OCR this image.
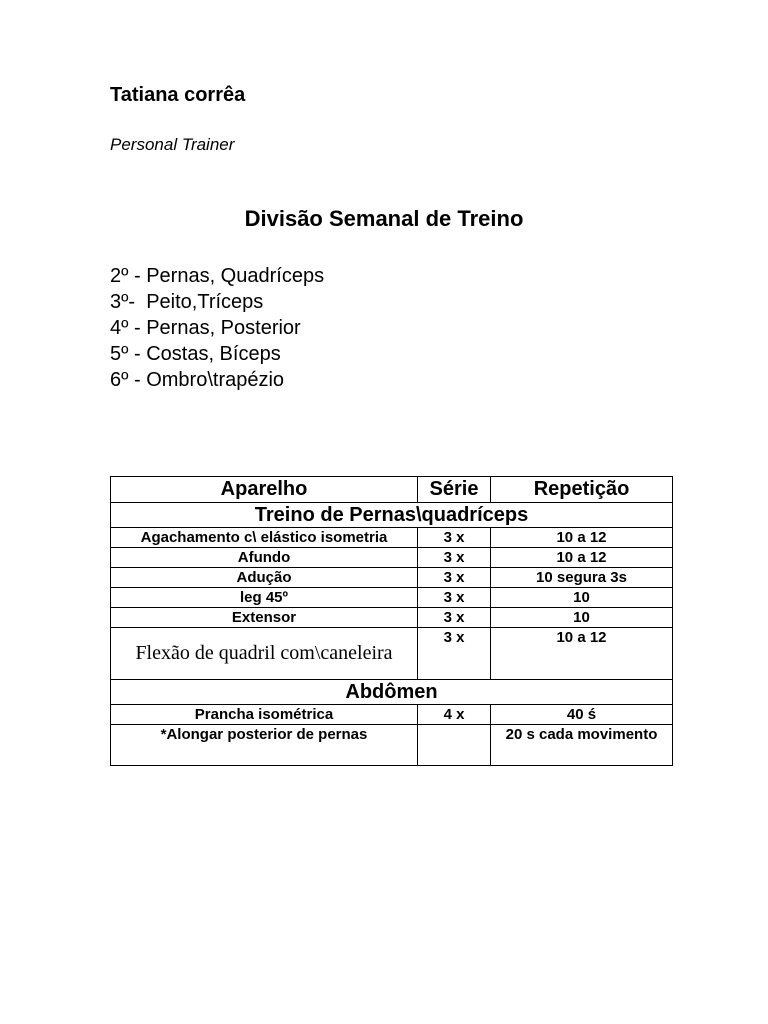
Tatiana corrêa
Personal Trainer
Divisão Semanal de Treino
2º - Pernas, Quadríceps
3º-  Peito,Tríceps
4º - Pernas, Posterior
5º - Costas, Bíceps
6º - Ombro\trapézio
Aparelho	Série	Repetição
Treino de Pernas\quadríceps		
Agachamento c\ elástico isometria	3 x	10 a 12
Afundo	3 x	10 a 12
Adução	3 x	10 segura 3s
leg 45º	3 x	10
Extensor	3 x	10
Flexão de quadril com\caneleira	3 x	10 a 12
Abdômen		
Prancha isométrica	4 x	40 ś
*Alongar posterior de pernas		20 s cada movimento
